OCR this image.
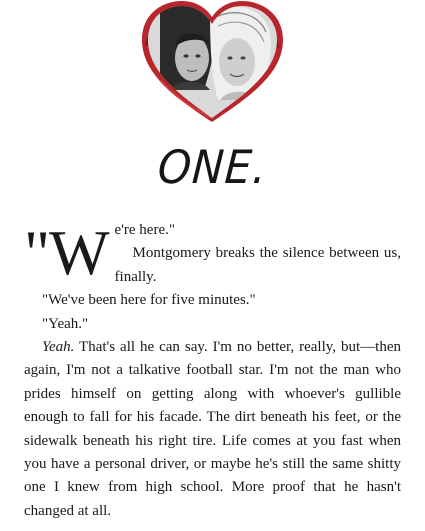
ONE.

"W e're here."
Montgomery breaks the silence between us, finally.

"We've been here for five minutes."

"Yeah."

Yeah. That's all he can say. I'm no better, really, but—then again, I'm not a talkative football star. I'm not the man who prides himself on getting along with whoever's gullible enough to fall for his facade. The dirt beneath his feet, or the sidewalk beneath his right tire. Life comes at you fast when you have a personal driver, or maybe he's still the same shitty one I knew from high school. More proof that he hasn't changed at all.
